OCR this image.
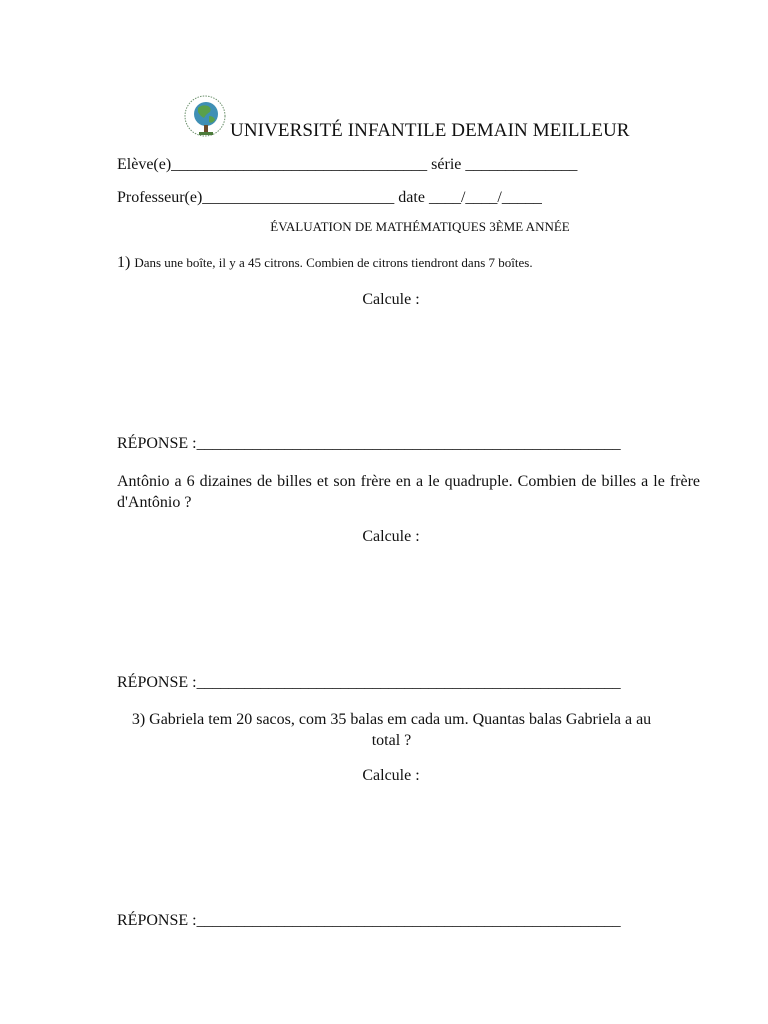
UNIVERSITÉ INFANTILE DEMAIN MEILLEUR
Elève(e)________________________________ série ______________
Professeur(e)________________________ date ____/____/_____
ÉVALUATION DE MATHÉMATIQUES 3ÈME ANNÉE
1) Dans une boîte, il y a 45 citrons. Combien de citrons tiendront dans 7 boîtes.
Calcule :
RÉPONSE :_____________________________________________________
Antônio a 6 dizaines de billes et son frère en a le quadruple. Combien de billes a le frère d'Antônio ?
Calcule :
RÉPONSE :_____________________________________________________
3) Gabriela tem 20 sacos, com 35 balas em cada um. Quantas balas Gabriela a au total ?
Calcule :
RÉPONSE :_____________________________________________________
